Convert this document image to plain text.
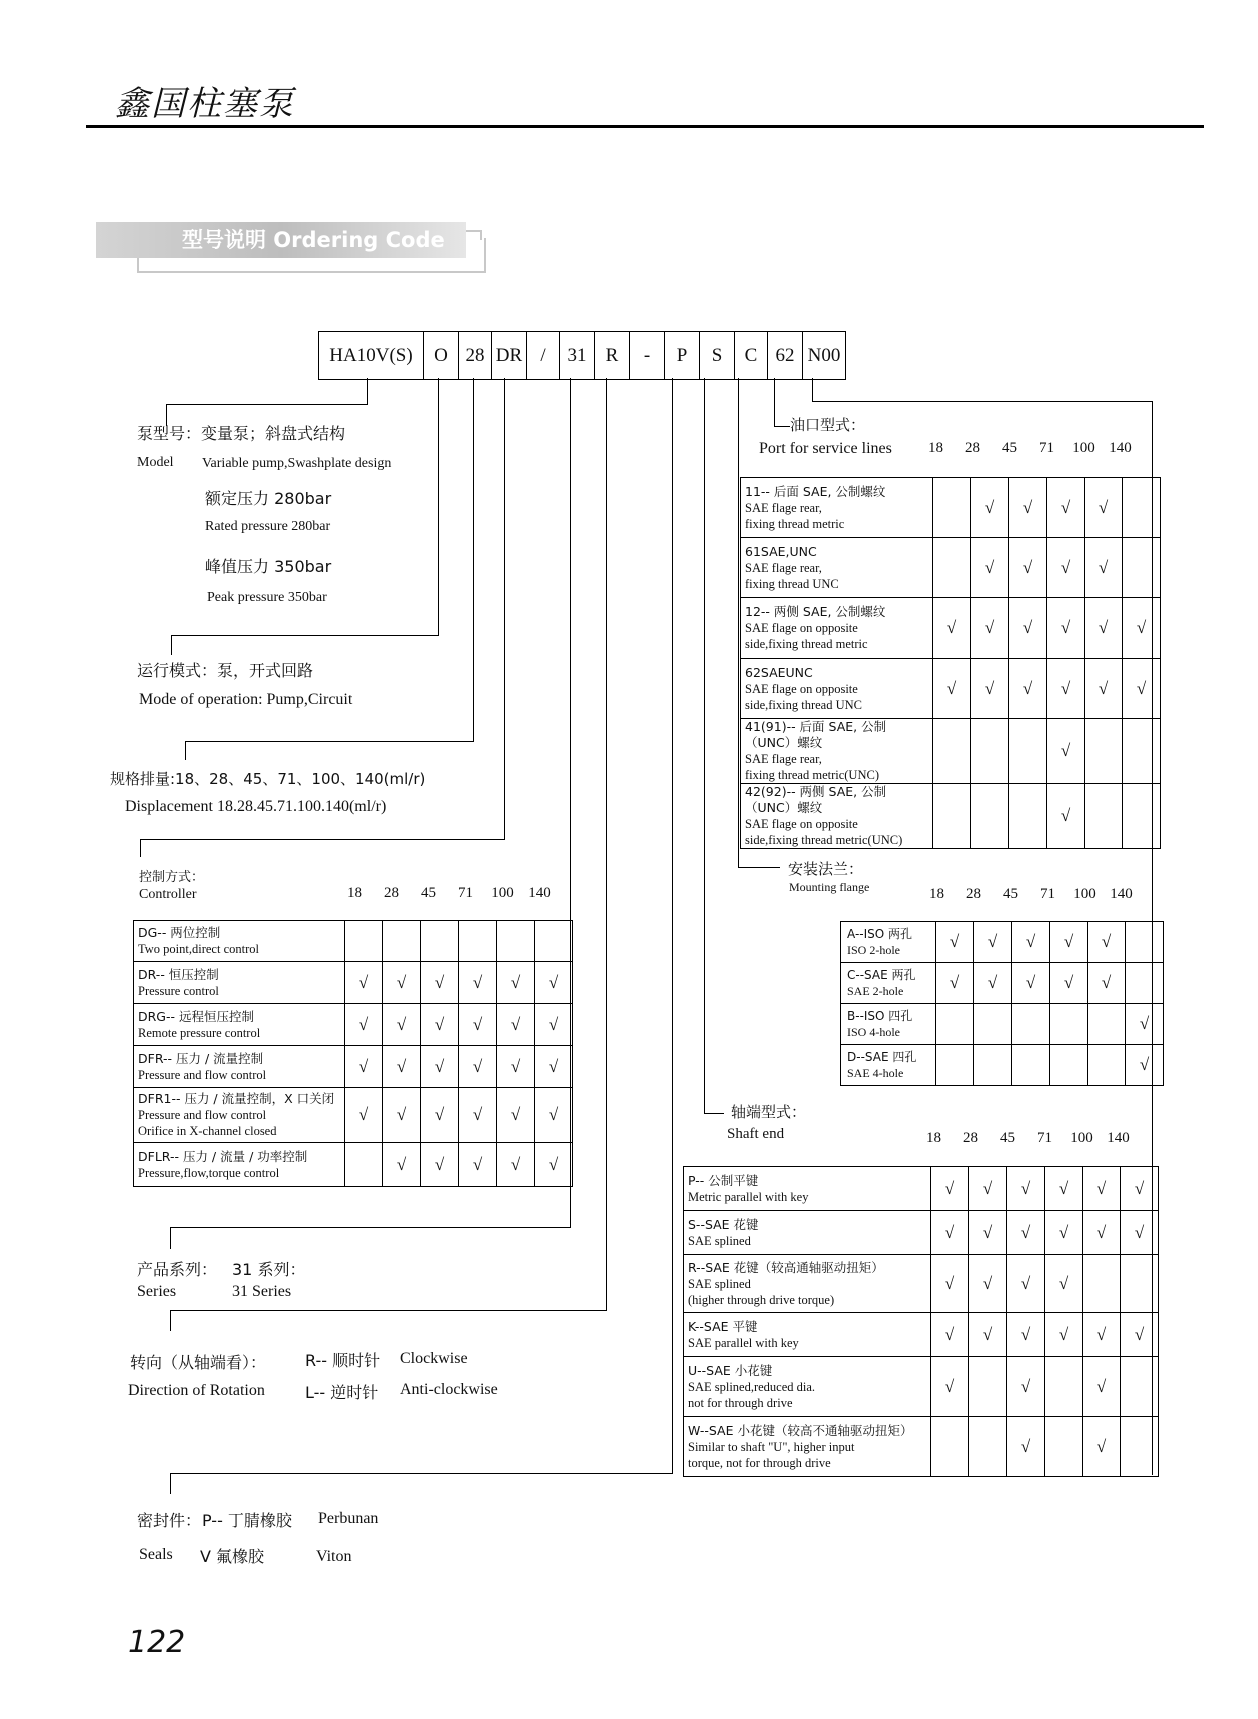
鑫国柱塞泵
型号说明 Ordering Code
HA10V(S)	O 28 DR /	31	R	-	P	S	C 62 N00
泵型号：变量泵；斜盘式结构
Model Variable pump,Swashplate design
额定压力 280bar
Rated pressure 280bar
峰值压力 350bar
Peak pressure 350bar
运行模式：泵，开式回路
Mode of operation: Pump,Circuit
规格排量:18、28、45、71、100、140(ml/r)
Displacement 18.28.45.71.100.140(ml/r)
控制方式：
Controller	18	28	45	71	100 140
DG-- 两位控制
Two point,direct control						

DR-- 恒压控制
Pressure control	√	√	√	√	√	√

DRG-- 远程恒压控制
Remote pressure control	√	√	√	√	√	√

DFR-- 压力 / 流量控制
Pressure and flow control	√	√	√	√	√	√

DFR1-- 压力 / 流量控制，X 口关闭
Pressure and flow control
Orifice in X-channel closed	√	√	√	√	√	√

DFLR-- 压力 / 流量 / 功率控制
Pressure,flow,torque control		√	√	√	√	√
产品系列： 31 系列：
Series	31 Series
转向（从轴端看）：
Direction of Rotation
R-- 顺时针 Clockwise
L-- 逆时针 Anti-clockwise
密封件： P-- 丁腈橡胶 Perbunan
Seals V 氟橡胶	Viton
油口型式：
Port for service lines	18	28	45	71	100 140
11-- 后面 SAE, 公制螺纹
SAE flage rear,
fixing thread metric		√	√	√	√	

61SAE,UNC
SAE flage rear,
fixing thread UNC		√	√	√	√	

12-- 两侧 SAE, 公制螺纹
SAE flage on opposite
side,fixing thread metric	√	√	√	√	√	√

62SAEUNC
SAE flage on opposite
side,fixing thread UNC	√	√	√	√	√	√

41(91)-- 后面 SAE, 公制（UNC）螺纹
SAE flage rear,
fixing thread metric(UNC)				√		

42(92)-- 两侧 SAE, 公制（UNC）螺纹
SAE flage on opposite
side,fixing thread metric(UNC)				√		
安装法兰：
Mounting flange	18	28	45	71	100 140
A--ISO 两孔
ISO 2-hole	√	√	√	√	√	

C--SAE 两孔
SAE 2-hole	√	√	√	√	√	

B--ISO 四孔
ISO 4-hole						√

D--SAE 四孔
SAE 4-hole						√
轴端型式：
Shaft end	18	28	45	71	100 140
P-- 公制平键
Metric parallel with key	√	√	√	√	√	√

S--SAE 花键
SAE splined	√	√	√	√	√	√

R--SAE 花键（较高通轴驱动扭矩）
SAE splined
(higher through drive torque)	√	√	√	√		

K--SAE 平键
SAE parallel with key	√	√	√	√	√	√

U--SAE 小花键
SAE splined,reduced dia.
not for through drive	√		√		√	

W--SAE 小花键（较高不通轴驱动扭矩）
Similar to shaft "U", higher input
torque, not for through drive			√		√	
122
